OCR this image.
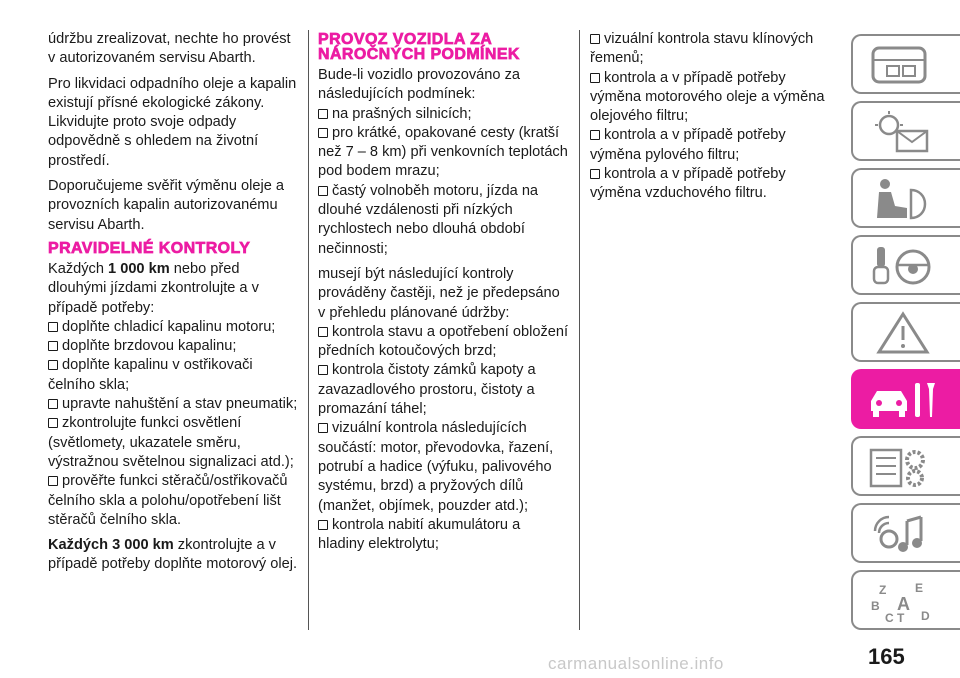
údržbu zrealizovat, nechte ho provést v autorizovaném servisu Abarth.

Pro likvidaci odpadního oleje a kapalin existují přísné ekologické zákony. Likvidujte proto svoje odpady odpovědně s ohledem na životní prostředí.

Doporučujeme svěřit výměnu oleje a provozních kapalin autorizovanému servisu Abarth.

PRAVIDELNÉ KONTROLY

Každých 1 000 km nebo před dlouhými jízdami zkontrolujte a v případě potřeby:

doplňte chladicí kapalinu motoru;
doplňte brzdovou kapalinu;
doplňte kapalinu v ostřikovači čelního skla;
upravte nahuštění a stav pneumatik;
zkontrolujte funkci osvětlení (světlomety, ukazatele směru, výstražnou světelnou signalizaci atd.);
prověřte funkci stěračů/ostřikovačů čelního skla a polohu/opotřebení lišt stěračů čelního skla.

Každých 3 000 km zkontrolujte a v případě potřeby doplňte motorový olej.

PROVOZ VOZIDLA ZA NÁROČNÝCH PODMÍNEK

Bude-li vozidlo provozováno za následujících podmínek:

na prašných silnicích;
pro krátké, opakované cesty (kratší než 7 – 8 km) při venkovních teplotách pod bodem mrazu;
častý volnoběh motoru, jízda na dlouhé vzdálenosti při nízkých rychlostech nebo dlouhá období nečinnosti;

musejí být následující kontroly prováděny častěji, než je předepsáno v přehledu plánované údržby:

kontrola stavu a opotřebení obložení předních kotoučových brzd;
kontrola čistoty zámků kapoty a zavazadlového prostoru, čistoty a promazání táhel;
vizuální kontrola následujících součástí: motor, převodovka, řazení, potrubí a hadice (výfuku, palivového systému, brzd) a pryžových dílů (manžet, objímek, pouzder atd.);
kontrola nabití akumulátoru a hladiny elektrolytu;

vizuální kontrola stavu klínových řemenů;
kontrola a v případě potřeby výměna motorového oleje a výměna olejového filtru;
kontrola a v případě potřeby výměna pylového filtru;
kontrola a v případě potřeby výměna vzduchového filtru.

Z E
B A
C T D
165
carmanualsonline.info
